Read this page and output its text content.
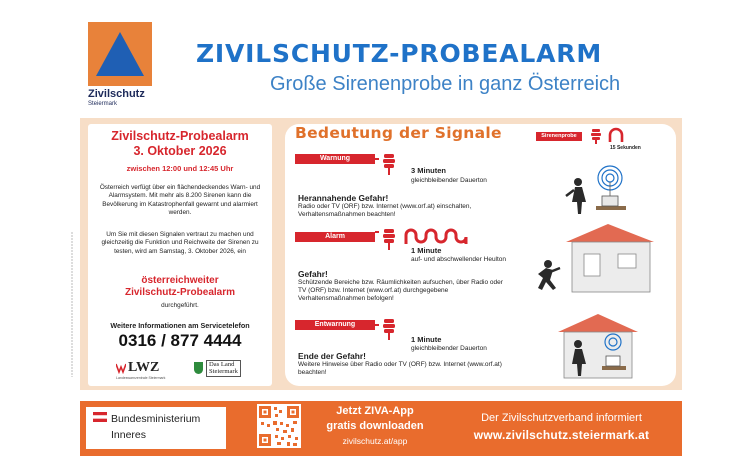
Zivilschutz
Steiermark
ZIVILSCHUTZ-PROBEALARM
Große Sirenenprobe in ganz Österreich
Zivilschutz-Probealarm
3. Oktober 2026
zwischen 12:00 und 12:45 Uhr
Österreich verfügt über ein flächendeckendes Warn- und Alarmsystem. Mit mehr als 8.200 Sirenen kann die Bevölkerung im Katastrophenfall gewarnt und alarmiert werden.
Um Sie mit diesen Signalen vertraut zu machen und gleichzeitig die Funktion und Reichweite der Sirenen zu testen, wird am Samstag, 3. Oktober 2026, ein
österreichweiter
Zivilschutz-Probealarm
durchgeführt.
Weitere Informationen am Servicetelefon
0316 / 877 4444
LWZ
Landeswarnzentrale Steiermark
Das Land
Steiermark
Bedeutung der Signale	Sirenenprobe
15 Sekunden
Warnung
3 Minuten
gleichbleibender Dauerton
Herannahende Gefahr!
Radio oder TV (ORF) bzw. Internet (www.orf.at) einschalten, Verhaltensmaßnahmen beachten!
Alarm
1 Minute
auf- und abschwellender Heulton
Gefahr!
Schützende Bereiche bzw. Räumlichkeiten aufsuchen, über Radio oder TV (ORF) bzw. Internet (www.orf.at) durchgegebene Verhaltensmaßnahmen befolgen!
Entwarnung
1 Minute
gleichbleibender Dauerton
Ende der Gefahr!
Weitere Hinweise über Radio oder TV (ORF) bzw. Internet (www.orf.at) beachten!
Bundesministerium
Inneres
Jetzt ZIVA-App
gratis downloaden
zivilschutz.at/app
Der Zivilschutzverband informiert
www.zivilschutz.steiermark.at
